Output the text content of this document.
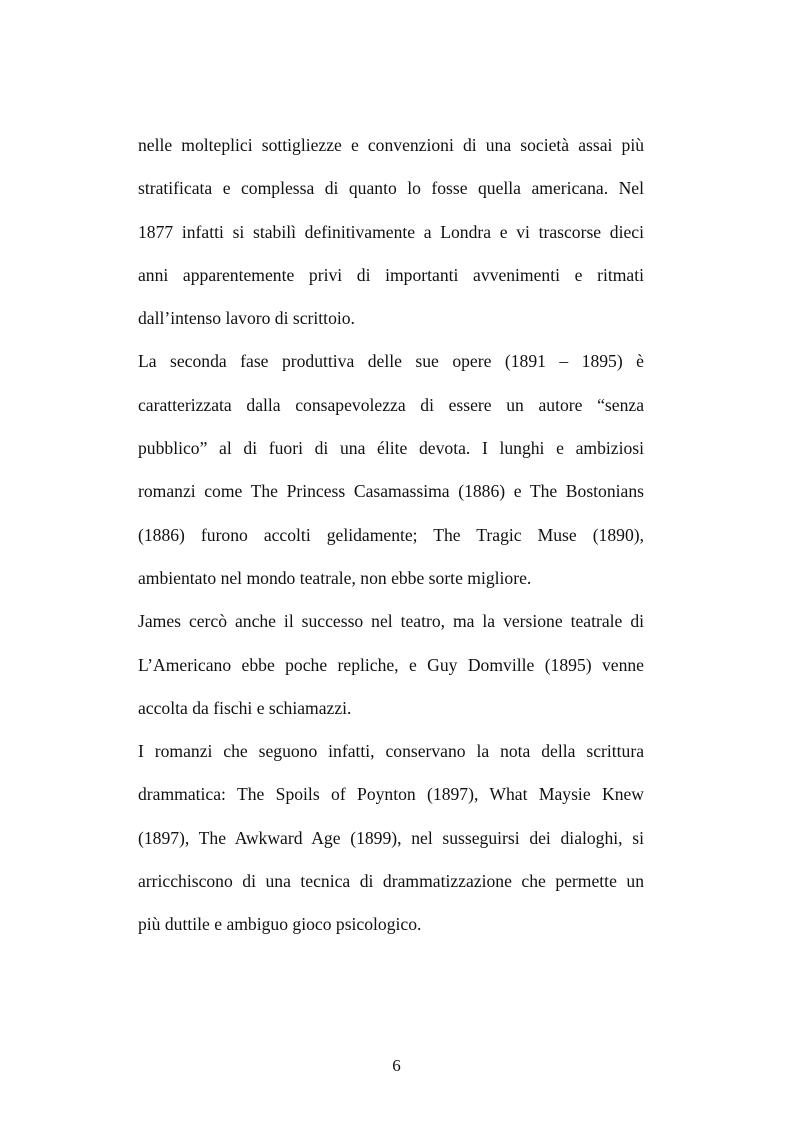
nelle molteplici sottigliezze e convenzioni di una società assai più
stratificata e complessa di quanto lo fosse quella americana. Nel
1877 infatti si stabilì definitivamente a Londra e vi trascorse dieci
anni apparentemente privi di importanti avvenimenti e ritmati
dall’intenso lavoro di scrittoio.
La seconda fase produttiva delle sue opere (1891 – 1895) è
caratterizzata dalla consapevolezza di essere un autore “senza
pubblico” al di fuori di una élite devota. I lunghi e ambiziosi
romanzi come The Princess Casamassima (1886) e The Bostonians
(1886) furono accolti gelidamente; The Tragic Muse (1890),
ambientato nel mondo teatrale, non ebbe sorte migliore.
James cercò anche il successo nel teatro, ma la versione teatrale di
L’Americano ebbe poche repliche, e Guy Domville (1895) venne
accolta da fischi e schiamazzi.
I romanzi che seguono infatti, conservano la nota della scrittura
drammatica: The Spoils of Poynton (1897), What Maysie Knew
(1897), The Awkward Age (1899), nel susseguirsi dei dialoghi, si
arricchiscono di una tecnica di drammatizzazione che permette un
più duttile e ambiguo gioco psicologico.
6
